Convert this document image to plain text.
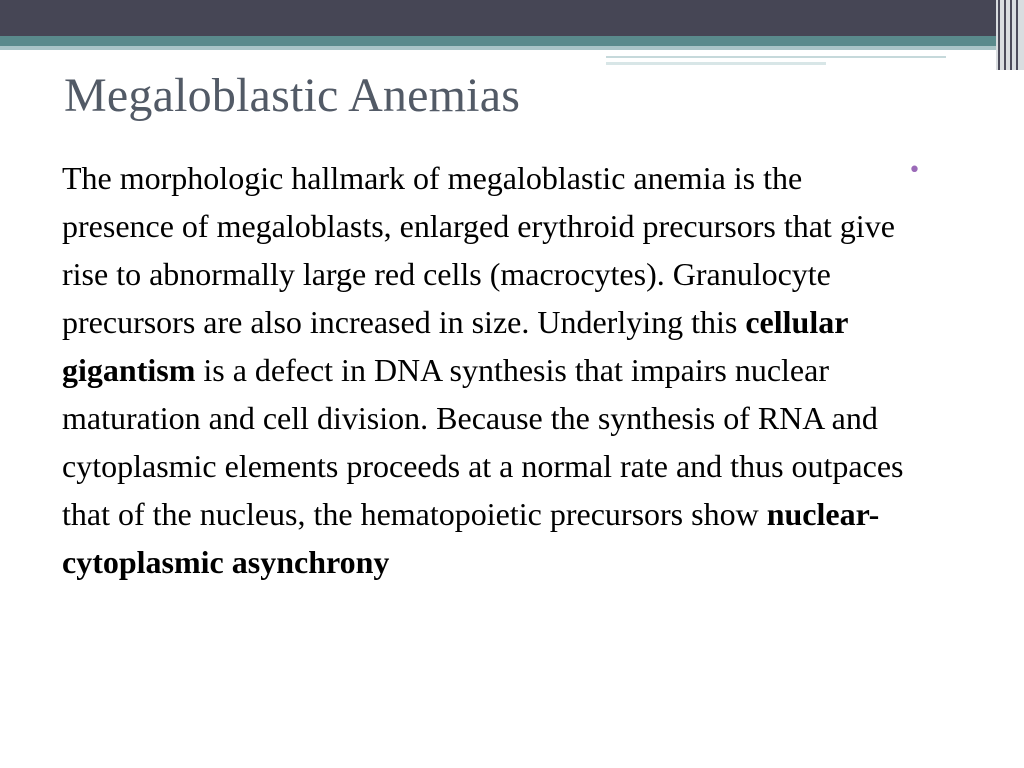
Megaloblastic Anemias

The morphologic hallmark of megaloblastic anemia is the presence of megaloblasts, enlarged erythroid precursors that give rise to abnormally large red cells (macrocytes). Granulocyte precursors are also increased in size. Underlying this cellular gigantism is a defect in DNA synthesis that impairs nuclear maturation and cell division. Because the synthesis of RNA and cytoplasmic elements proceeds at a normal rate and thus outpaces that of the nucleus, the hematopoietic precursors show nuclear-cytoplasmic asynchrony

•
